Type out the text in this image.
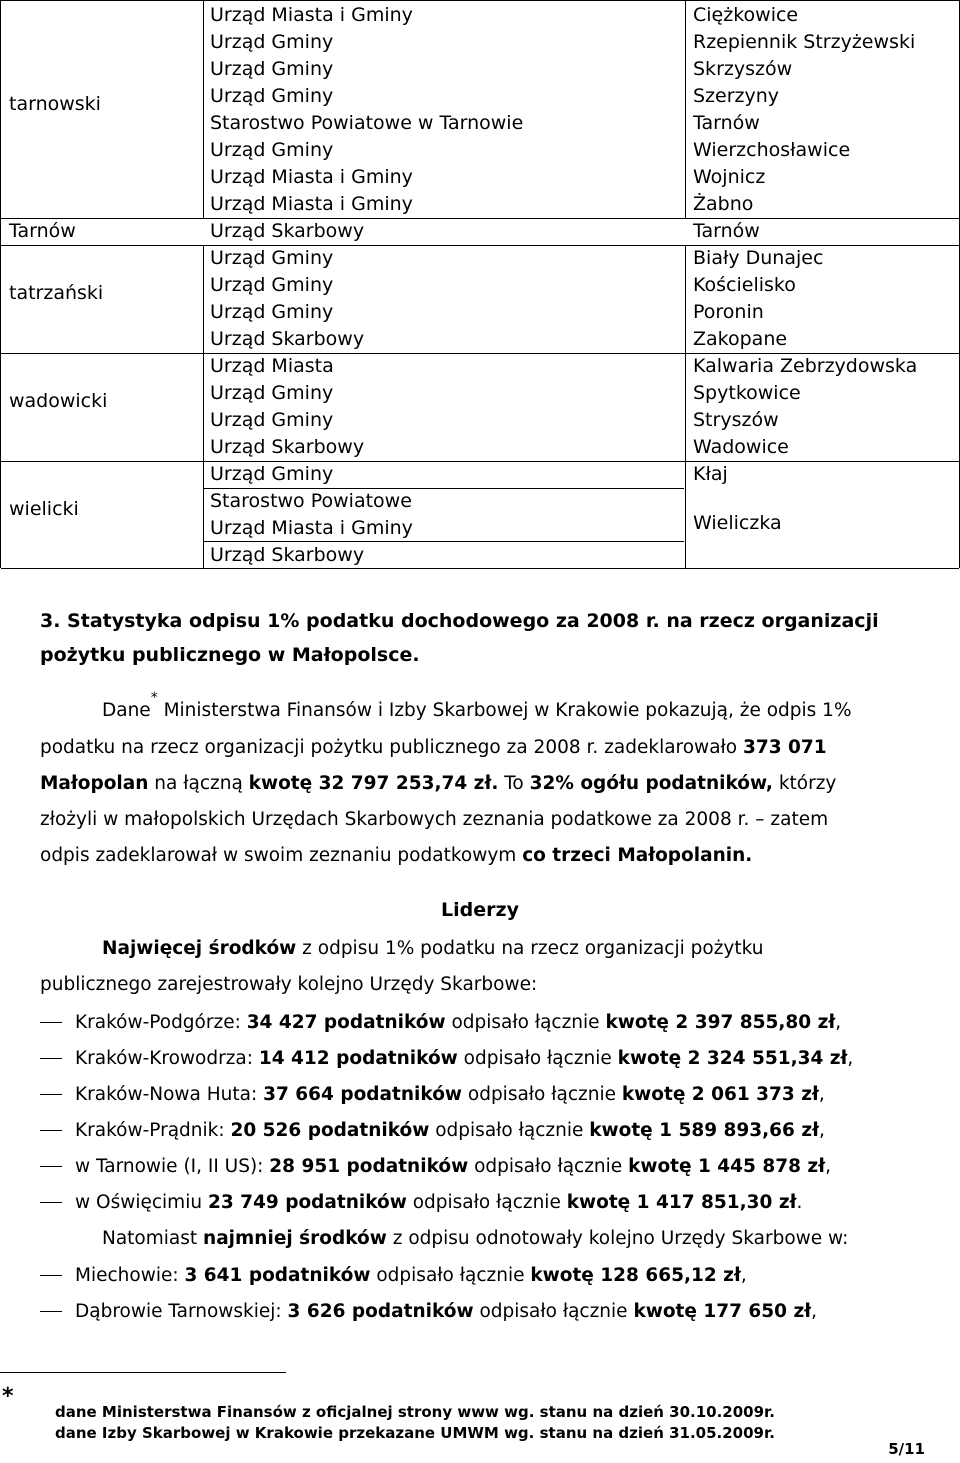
tarnowski
Urząd Miasta i Gminy	Ciężkowice
Urząd Gminy	Rzepiennik Strzyżewski
Urząd Gminy	Skrzyszów
Urząd Gminy	Szerzyny
Starostwo Powiatowe w Tarnowie	Tarnów
Urząd Gminy	Wierzchosławice
Urząd Miasta i Gminy	Wojnicz
Urząd Miasta i Gminy	Żabno
Tarnów	Urząd Skarbowy	Tarnów
tatrzański
Urząd Gminy	Biały Dunajec
Urząd Gminy	Kościelisko
Urząd Gminy	Poronin
Urząd Skarbowy	Zakopane
wadowicki
Urząd Miasta	Kalwaria Zebrzydowska
Urząd Gminy	Spytkowice
Urząd Gminy	Stryszów
Urząd Skarbowy	Wadowice
wielicki
Urząd Gminy	Kłaj
Starostwo Powiatowe
Urząd Miasta i Gminy	Wieliczka
Urząd Skarbowy
3. Statystyka odpisu 1% podatku dochodowego za 2008 r. na rzecz organizacji
pożytku publicznego w Małopolsce.
Dane* Ministerstwa Finansów i Izby Skarbowej w Krakowie pokazują, że odpis 1%
podatku na rzecz organizacji pożytku publicznego za 2008 r. zadeklarowało 373 071
Małopolan na łączną kwotę 32 797 253,74 zł. To 32% ogółu podatników, którzy
złożyli w małopolskich Urzędach Skarbowych zeznania podatkowe za 2008 r. – zatem
odpis zadeklarował w swoim zeznaniu podatkowym co trzeci Małopolanin.
Liderzy
Najwięcej środków z odpisu 1% podatku na rzecz organizacji pożytku
publicznego zarejestrowały kolejno Urzędy Skarbowe:
Kraków-Podgórze: 34 427 podatników odpisało łącznie kwotę 2 397 855,80 zł,
Kraków-Krowodrza: 14 412 podatników odpisało łącznie kwotę 2 324 551,34 zł,
Kraków-Nowa Huta: 37 664 podatników odpisało łącznie kwotę 2 061 373 zł,
Kraków-Prądnik: 20 526 podatników odpisało łącznie kwotę 1 589 893,66 zł,
w Tarnowie (I, II US): 28 951 podatników odpisało łącznie kwotę 1 445 878 zł,
w Oświęcimiu 23 749 podatników odpisało łącznie kwotę 1 417 851,30 zł.
Natomiast najmniej środków z odpisu odnotowały kolejno Urzędy Skarbowe w:
Miechowie: 3 641 podatników odpisało łącznie kwotę 128 665,12 zł,
Dąbrowie Tarnowskiej: 3 626 podatników odpisało łącznie kwotę 177 650 zł,
*
dane Ministerstwa Finansów z oficjalnej strony www wg. stanu na dzień 30.10.2009r.
dane Izby Skarbowej w Krakowie przekazane UMWM wg. stanu na dzień 31.05.2009r.
5/11
